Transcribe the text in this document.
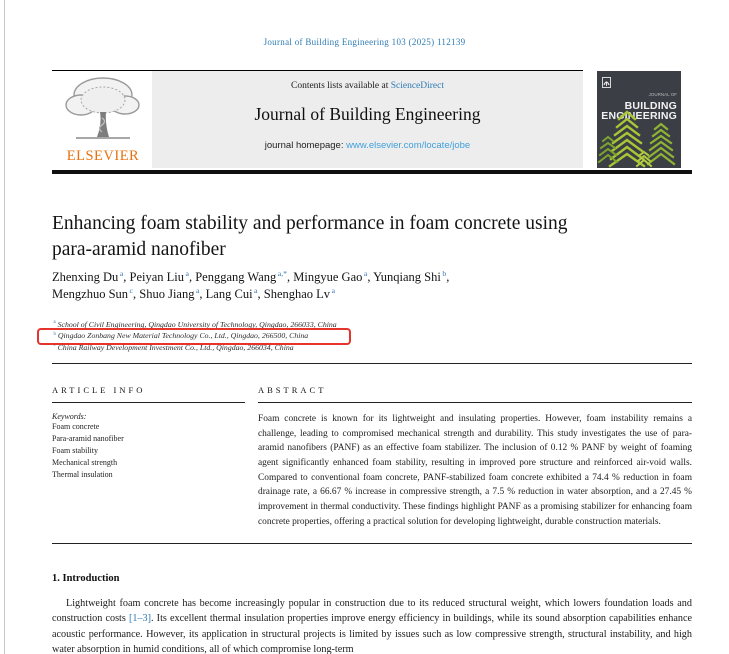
Journal of Building Engineering 103 (2025) 112139
ELSEVIER
Contents lists available at ScienceDirect
Journal of Building Engineering
journal homepage: www.elsevier.com/locate/jobe
JOURNAL OF BUILDING
ENGINEERING
Enhancing foam stability and performance in foam concrete using
para-aramid nanofiber
Zhenxing Du $^a$, Peiyan Liu $^a$, Penggang Wang $^{a,*}$, Mingyue Gao $^a$, Yunqiang Shi $^b$,
Mengzhuo Sun $^c$, Shuo Jiang $^a$, Lang Cui $^a$, Shenghao Lv $^a$
$^a$ School of Civil Engineering, Qingdao University of Technology, Qingdao, 266033, China
$^b$ Qingdao Zonbang New Material Technology Co., Ltd., Qingdao, 266500, China
$^c$ China Railway Development Investment Co., Ltd., Qingdao, 266034, China
ARTICLE INFO
Keywords:
Foam concrete
Para-aramid nanofiber
Foam stability
Mechanical strength
Thermal insulation
ABSTRACT
Foam concrete is known for its lightweight and insulating properties. However, foam instability remains a challenge, leading to compromised mechanical strength and durability. This study investigates the use of para-aramid nanofibers (PANF) as an effective foam stabilizer. The inclusion of 0.12 % PANF by weight of foaming agent significantly enhanced foam stability, resulting in improved pore structure and reinforced air-void walls. Compared to conventional foam concrete, PANF-stabilized foam concrete exhibited a 74.4 % reduction in foam drainage rate, a 66.67 % increase in compressive strength, a 7.5 % reduction in water absorption, and a 27.45 % improvement in thermal conductivity. These findings highlight PANF as a promising stabilizer for enhancing foam concrete properties, offering a practical solution for developing lightweight, durable construction materials.
1. Introduction
Lightweight foam concrete has become increasingly popular in construction due to its reduced structural weight, which lowers foundation loads and construction costs [1–3]. Its excellent thermal insulation properties improve energy efficiency in buildings, while its sound absorption capabilities enhance acoustic performance. However, its application in structural projects is limited by issues such as low compressive strength, structural instability, and high water absorption in humid conditions, all of which compromise long-term
